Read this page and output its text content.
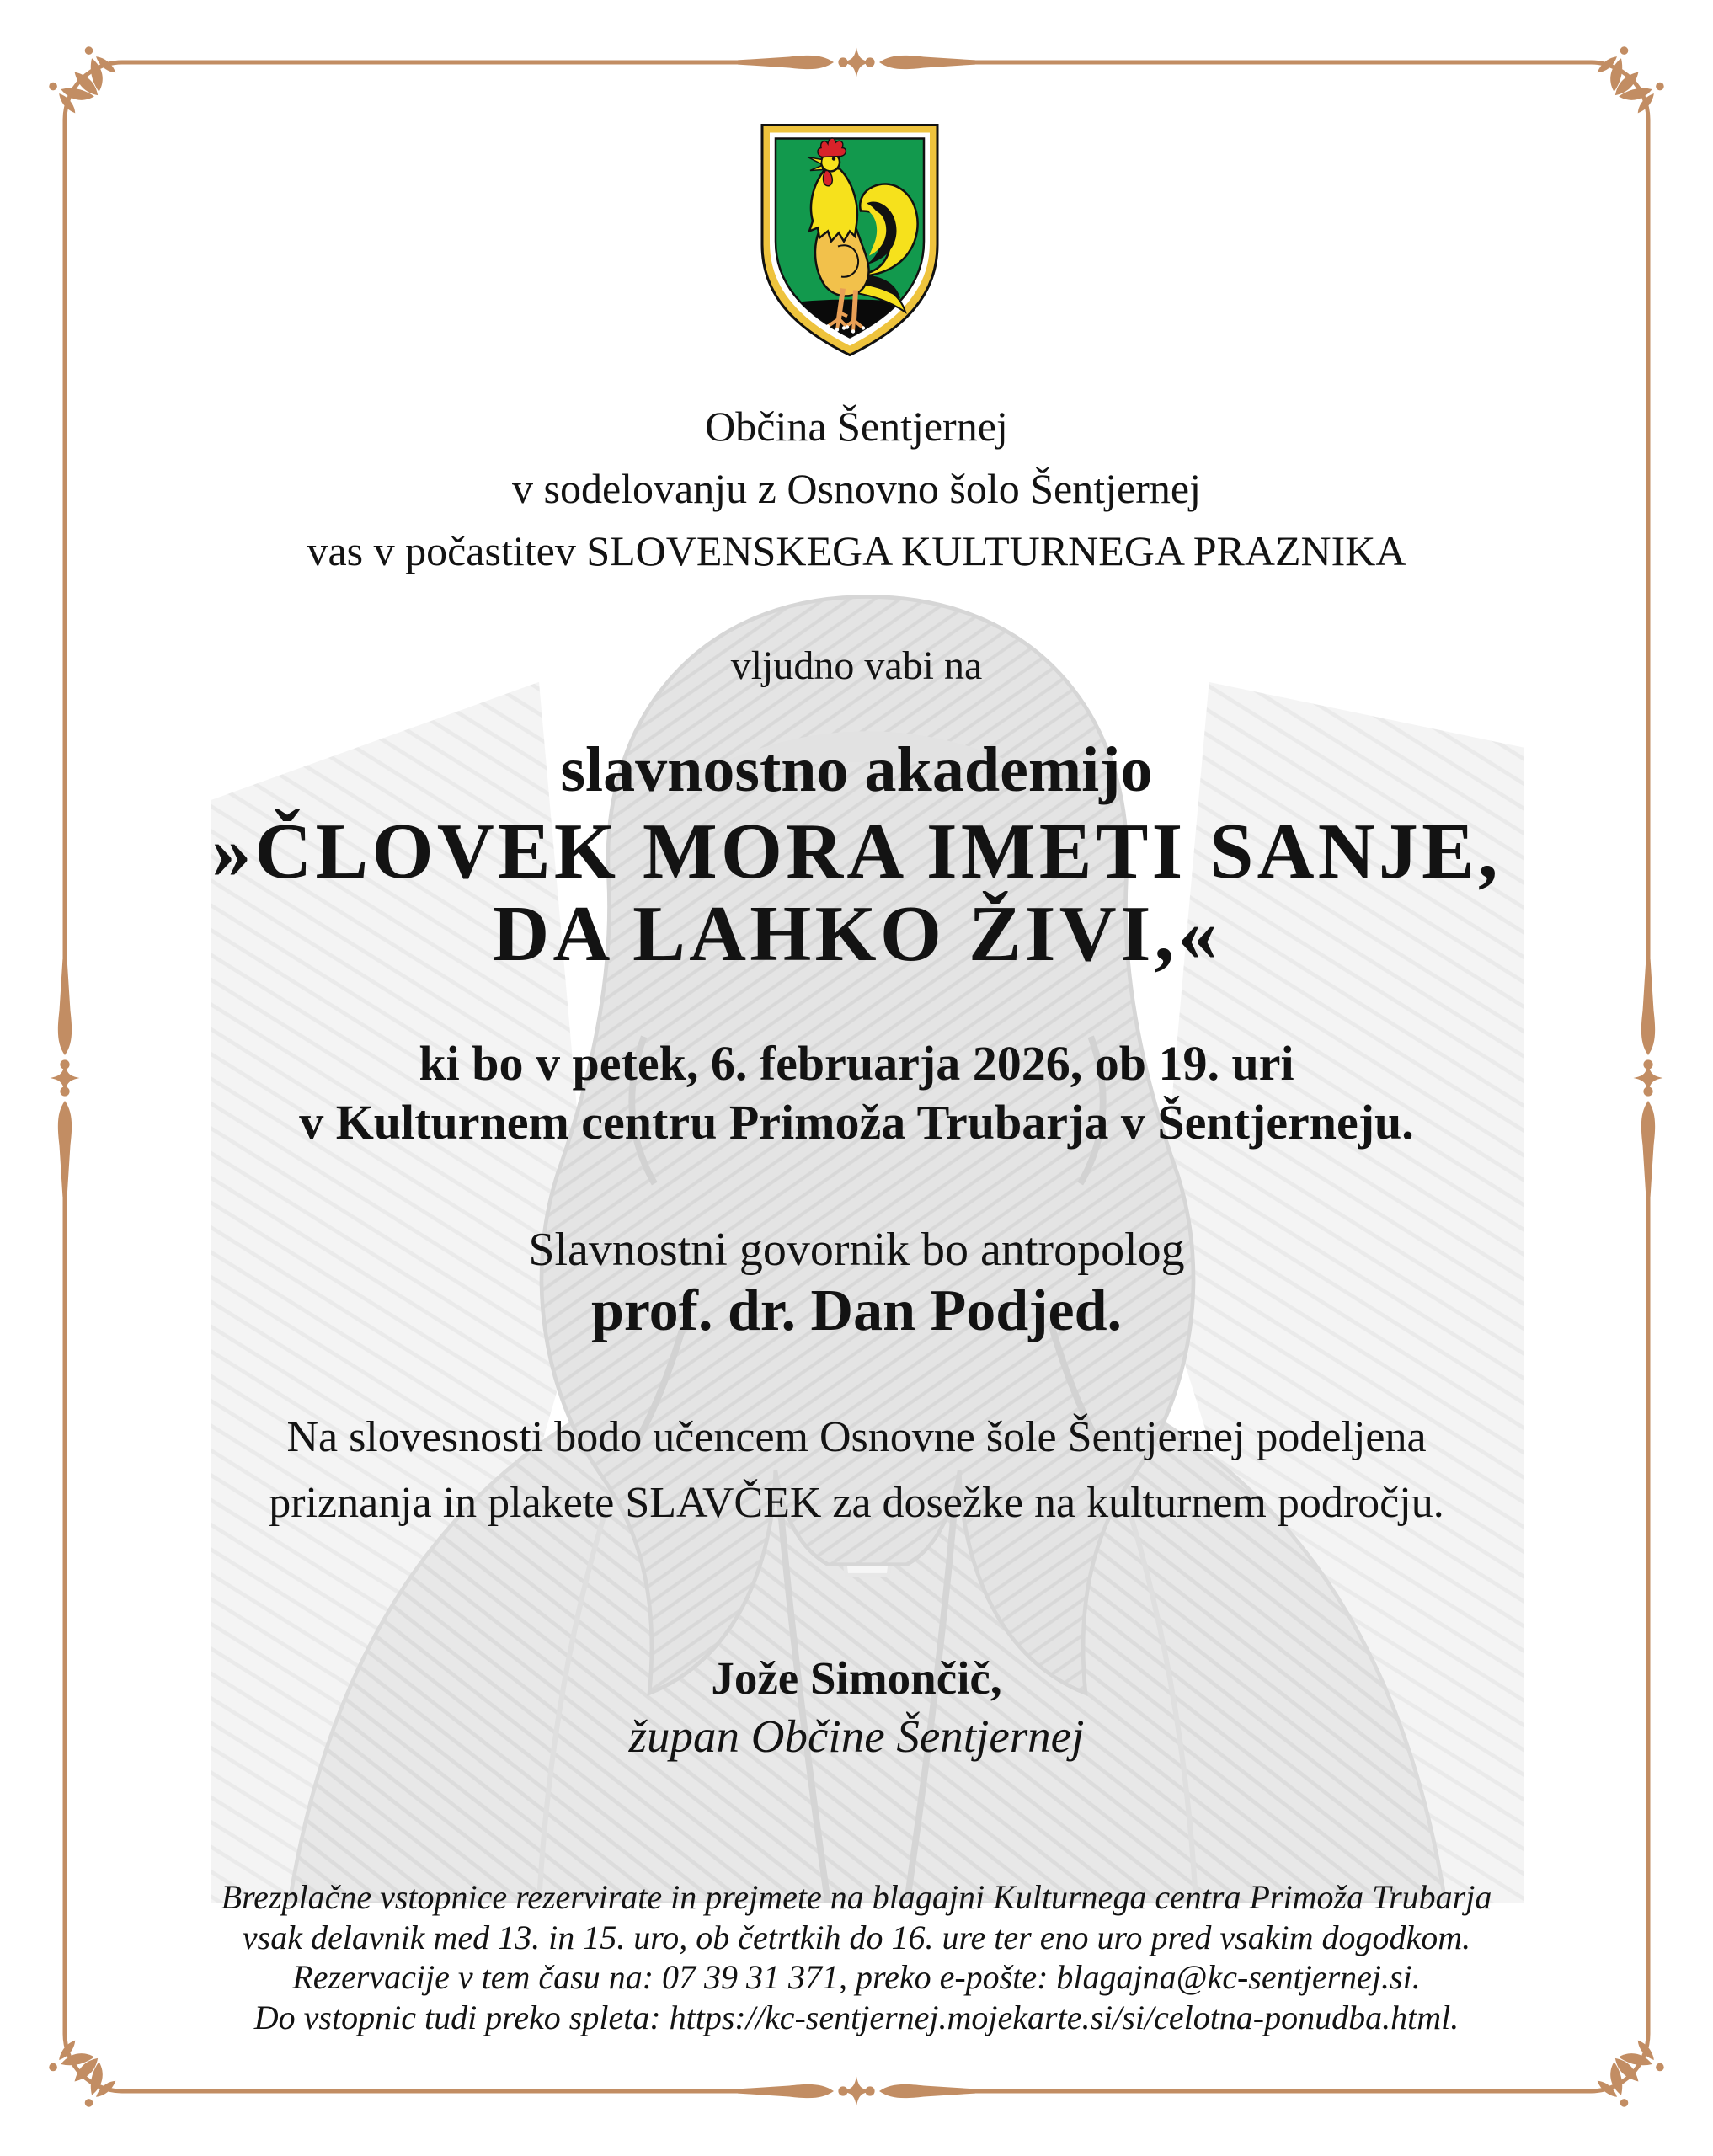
Občina Šentjernej
v sodelovanju z Osnovno šolo Šentjernej
vas v počastitev SLOVENSKEGA KULTURNEGA PRAZNIKA
vljudno vabi na
slavnostno akademijo
»ČLOVEK MORA IMETI SANJE,
DA LAHKO ŽIVI,«
ki bo v petek, 6. februarja 2026, ob 19. uri
v Kulturnem centru Primoža Trubarja v Šentjerneju.
Slavnostni govornik bo antropolog
prof. dr. Dan Podjed.
Na slovesnosti bodo učencem Osnovne šole Šentjernej podeljena
priznanja in plakete SLAVČEK za dosežke na kulturnem področju.
Jože Simončič,
župan Občine Šentjernej
Brezplačne vstopnice rezervirate in prejmete na blagajni Kulturnega centra Primoža Trubarja
vsak delavnik med 13. in 15. uro, ob četrtkih do 16. ure ter eno uro pred vsakim dogodkom.
Rezervacije v tem času na: 07 39 31 371, preko e-pošte: blagajna@kc-sentjernej.si.
Do vstopnic tudi preko spleta: https://kc-sentjernej.mojekarte.si/si/celotna-ponudba.html.
